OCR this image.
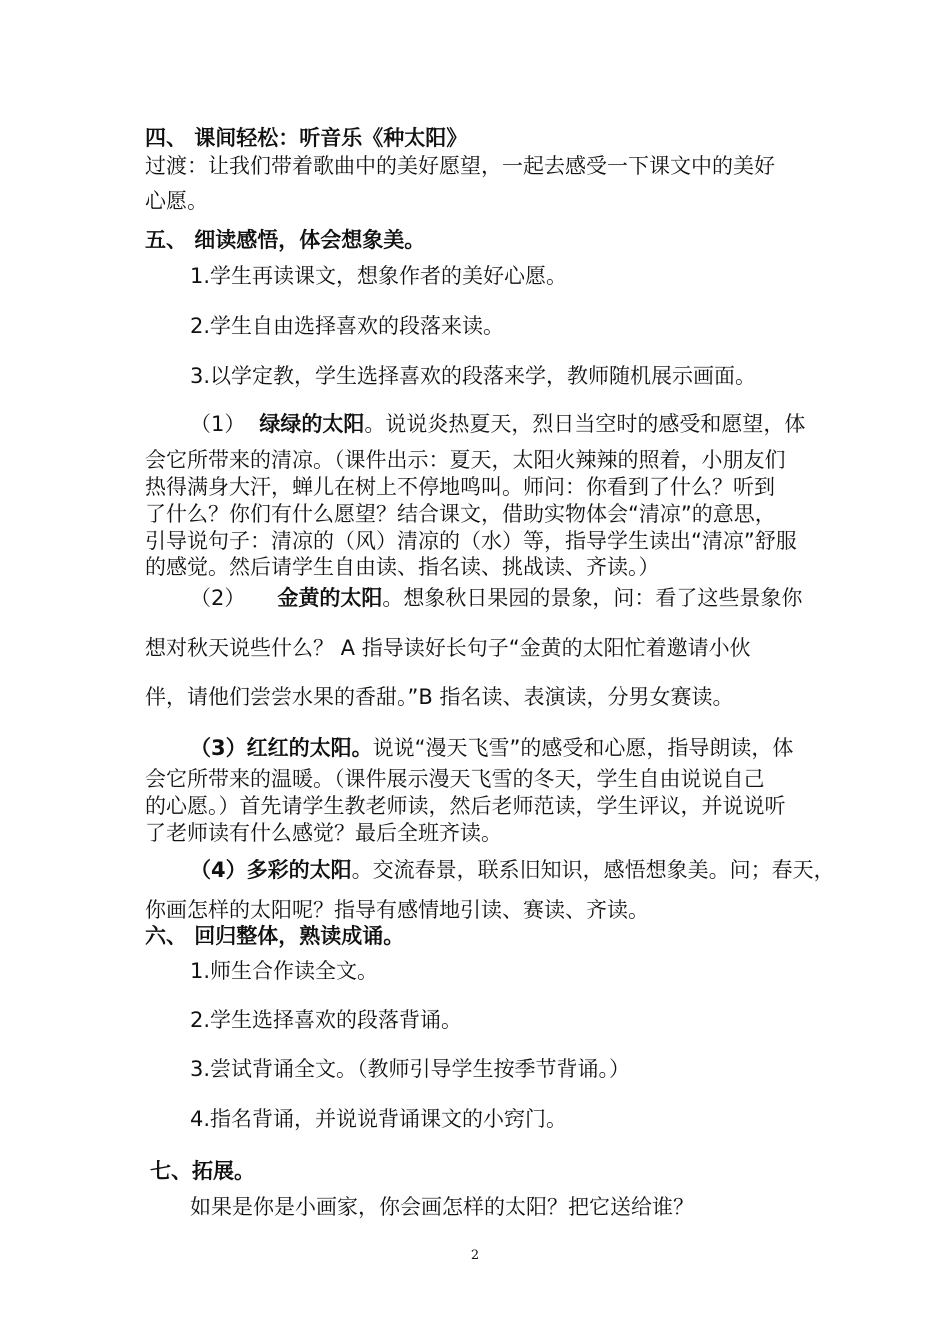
四、 课间轻松：听音乐《种太阳》
过渡：让我们带着歌曲中的美好愿望，一起去感受一下课文中的美好
心愿。
五、 细读感悟，体会想象美。
1.学生再读课文，想象作者的美好心愿。
2.学生自由选择喜欢的段落来读。
3.以学定教，学生选择喜欢的段落来学，教师随机展示画面。
（1） 绿绿的太阳。说说炎热夏天，烈日当空时的感受和愿望，体
会它所带来的清凉。（课件出示：夏天，太阳火辣辣的照着，小朋友们
热得满身大汗，蝉儿在树上不停地鸣叫。师问：你看到了什么？听到
了什么？你们有什么愿望？结合课文，借助实物体会“清凉”的意思，
引导说句子：清凉的（风）清凉的（水）等，指导学生读出“清凉”舒服
的感觉。然后请学生自由读、指名读、挑战读、齐读。）
（2） 金黄的太阳。想象秋日果园的景象，问：看了这些景象你
想对秋天说些什么？ A 指导读好长句子“金黄的太阳忙着邀请小伙
伴，请他们尝尝水果的香甜。”B 指名读、表演读，分男女赛读。
（3）红红的太阳。说说“漫天飞雪”的感受和心愿，指导朗读，体
会它所带来的温暖。（课件展示漫天飞雪的冬天，学生自由说说自己
的心愿。）首先请学生教老师读，然后老师范读，学生评议，并说说听
了老师读有什么感觉？最后全班齐读。
（4）多彩的太阳。交流春景，联系旧知识，感悟想象美。问；春天，
你画怎样的太阳呢？指导有感情地引读、赛读、齐读。
六、 回归整体，熟读成诵。
1.师生合作读全文。
2.学生选择喜欢的段落背诵。
3.尝试背诵全文。（教师引导学生按季节背诵。）
4.指名背诵，并说说背诵课文的小窍门。
七、拓展。
如果是你是小画家，你会画怎样的太阳？把它送给谁？
2
